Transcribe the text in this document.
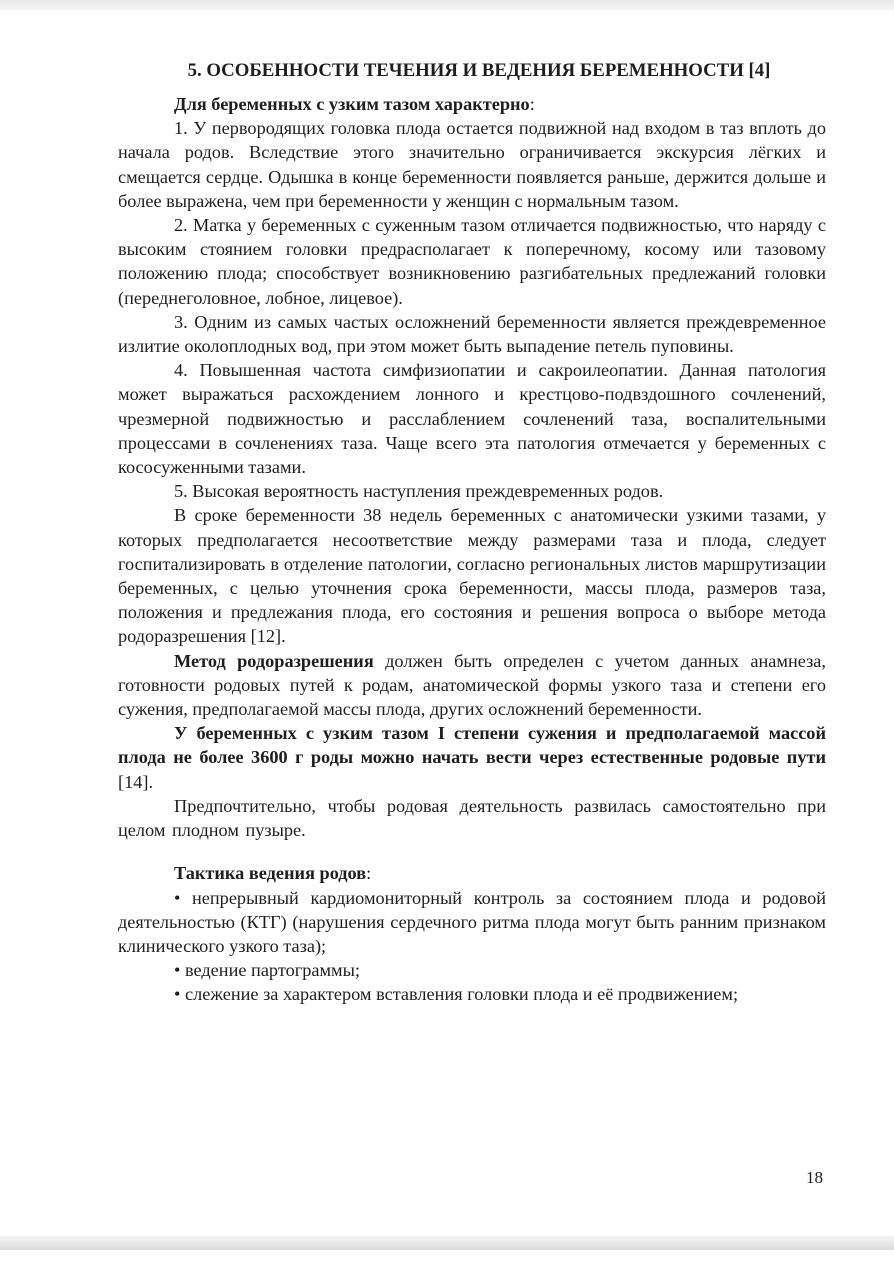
5. ОСОБЕННОСТИ ТЕЧЕНИЯ И ВЕДЕНИЯ БЕРЕМЕННОСТИ [4]

Для беременных с узким тазом характерно:

1. У первородящих головка плода остается подвижной над входом в таз вплоть до начала родов. Вследствие этого значительно ограничивается экскурсия лёгких и смещается сердце. Одышка в конце беременности появляется раньше, держится дольше и более выражена, чем при беременности у женщин с нормальным тазом.

2. Матка у беременных с суженным тазом отличается подвижностью, что наряду с высоким стоянием головки предрасполагает к поперечному, косому или тазовому положению плода; способствует возникновению разгибательных предлежаний головки (переднеголовное, лобное, лицевое).

3. Одним из самых частых осложнений беременности является преждевременное излитие околоплодных вод, при этом может быть выпадение петель пуповины.

4. Повышенная частота симфизиопатии и сакроилеопатии. Данная патология может выражаться расхождением лонного и крестцово-подвздошного сочленений, чрезмерной подвижностью и расслаблением сочленений таза, воспалительными процессами в сочленениях таза. Чаще всего эта патология отмечается у беременных с кососуженными тазами.

5. Высокая вероятность наступления преждевременных родов.

В сроке беременности 38 недель беременных с анатомически узкими тазами, у которых предполагается несоответствие между размерами таза и плода, следует госпитализировать в отделение патологии, согласно региональных листов маршрутизации беременных, с целью уточнения срока беременности, массы плода, размеров таза, положения и предлежания плода, его состояния и решения вопроса о выборе метода родоразрешения [12].

Метод родоразрешения должен быть определен с учетом данных анамнеза, готовности родовых путей к родам, анатомической формы узкого таза и степени его сужения, предполагаемой массы плода, других осложнений беременности.

У беременных с узким тазом I степени сужения и предполагаемой массой плода не более 3600 г роды можно начать вести через естественные родовые пути [14].

Предпочтительно, чтобы родовая деятельность развилась самостоятельно при целом плодном пузыре.

Тактика ведения родов:

• непрерывный кардиомониторный контроль за состоянием плода и родовой деятельностью (КТГ) (нарушения сердечного ритма плода могут быть ранним признаком клинического узкого таза);

• ведение партограммы;

• слежение за характером вставления головки плода и её продвижением;

18
